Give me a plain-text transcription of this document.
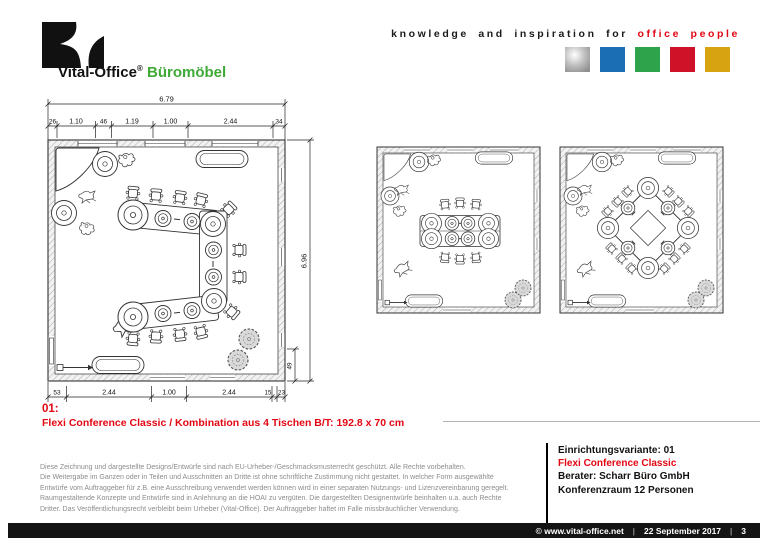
Vital-Office® Büromöbel
knowledge and inspiration for office people
6.79
26 1.10	46	1.19	1.00	2.44	34
53	2.44	1.00	2.44	15 23
6.96
49
01:
Flexi Conference Classic / Kombination aus 4 Tischen B/T: 192.8 x 70 cm
Diese Zeichnung und dargestellte Designs/Entwürfe sind nach EU-Urheber-/Geschmacksmusterrecht geschützt. Alle Rechte vorbehalten.
Die Weitergabe im Ganzen oder in Teilen und Ausschnitten an Dritte ist ohne schriftliche Zustimmung nicht gestattet. In welcher Form ausgewählte
Entwürfe vom Auftraggeber für z.B. eine Ausschreibung verwendet werden können wird in einer separaten Nutzungs- und Lizenzvereinbarung geregelt.
Raumgestaltende Konzepte und Entwürfe sind in Anlehnung an die HOAI zu vergüten. Die dargestellten Designentwürfe beinhalten u.a. auch Rechte
Dritter. Das Veröffentlichungsrecht verbleibt beim Urheber (Vital-Office). Der Auftraggeber haftet im Falle missbräuchlicher Verwendung.
Einrichtungsvariante: 01
Flexi Conference Classic
Berater: Scharr Büro GmbH
Konferenzraum 12 Personen
© www.vital-office.net | 22 September 2017 | 3
